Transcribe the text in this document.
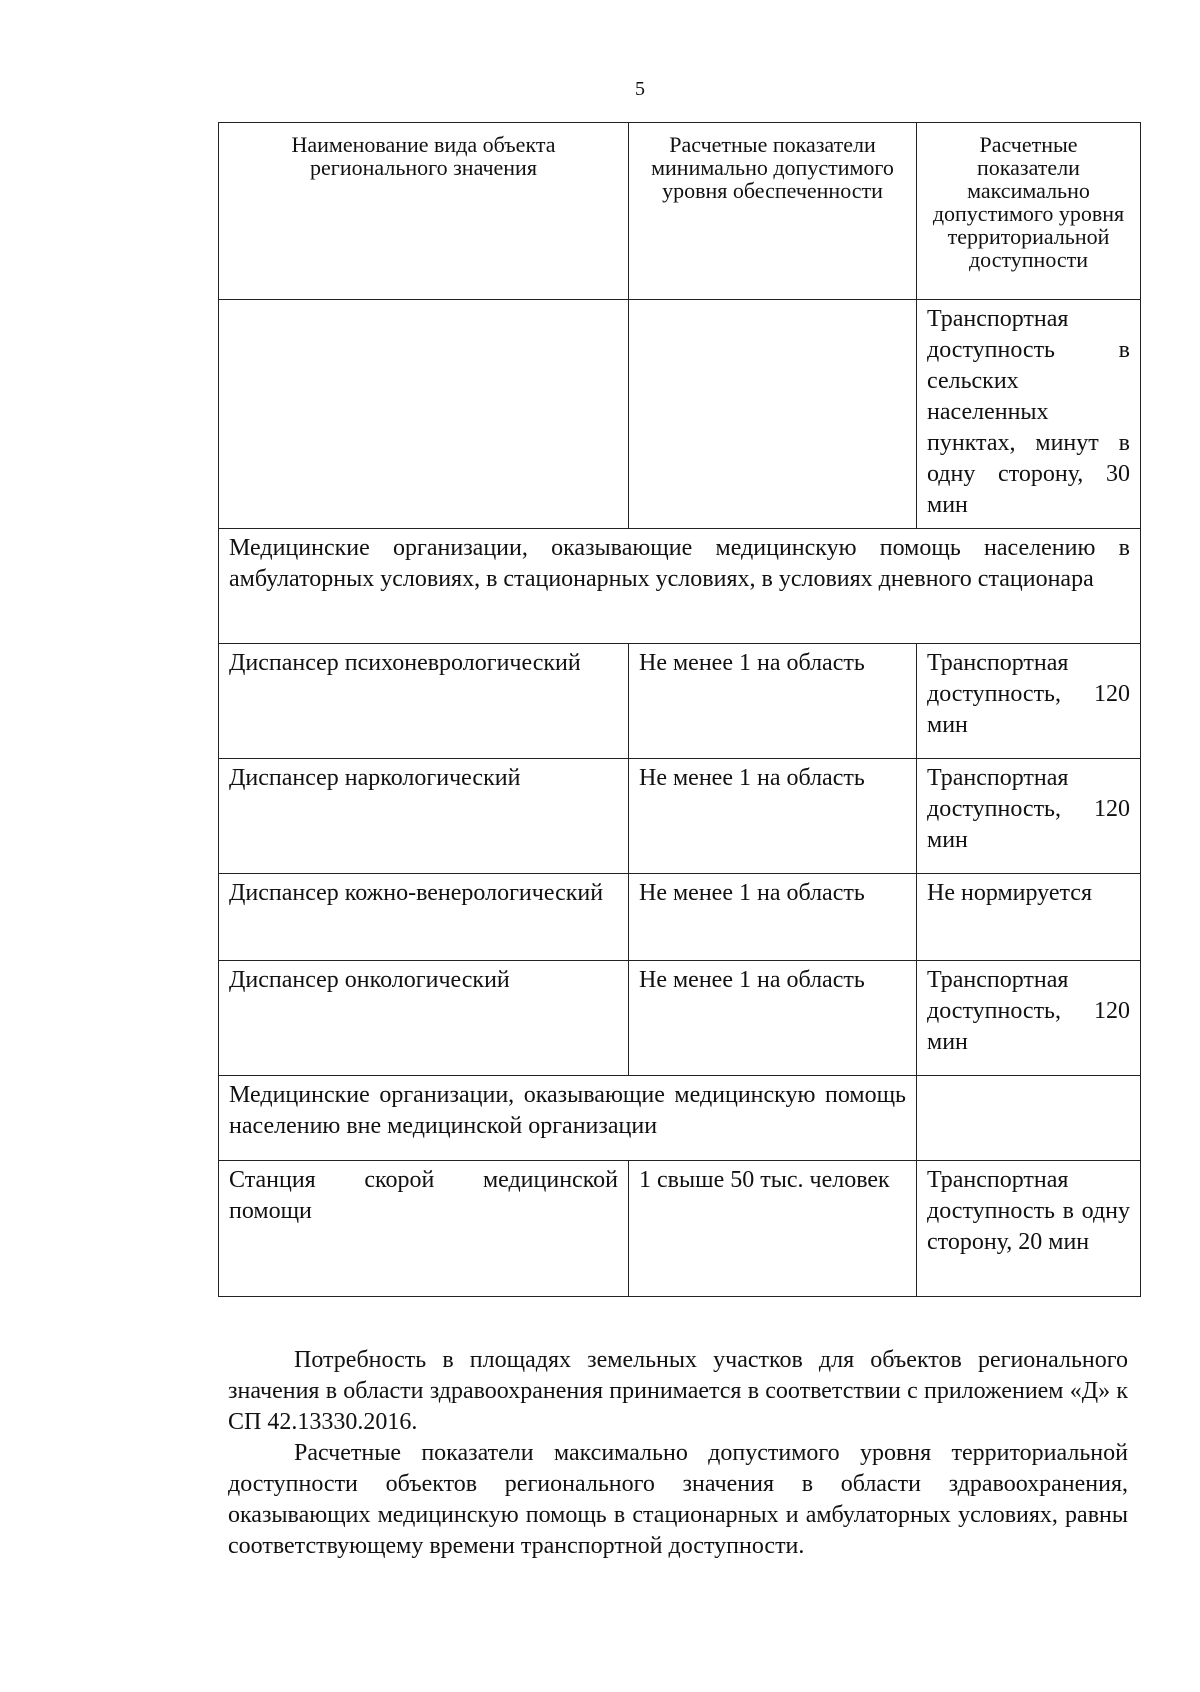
5
Наименование вида объекта регионального значения	Расчетные показатели минимально допустимого уровня обеспеченности	Расчетные показатели максимально допустимого уровня территориальной доступности
		Транспортная доступность в сельских населенных пунктах, минут в одну сторону, 30 мин
Медицинские организации, оказывающие медицинскую помощь населению в амбулаторных условиях, в стационарных условиях, в условиях дневного стационара		
Диспансер психоневрологический	Не менее 1 на область	Транспортная доступность, 120 мин
Диспансер наркологический	Не менее 1 на область	Транспортная доступность, 120 мин
Диспансер кожно-венерологический	Не менее 1 на область	Не нормируется
Диспансер онкологический	Не менее 1 на область	Транспортная доступность, 120 мин
Медицинские организации, оказывающие медицинскую помощь населению вне медицинской организации		
Станция скорой медицинской помощи	1 свыше 50 тыс. человек	Транспортная доступность в одну сторону, 20 мин

Потребность в площадях земельных участков для объектов регионального значения в области здравоохранения принимается в соответствии с приложением «Д» к СП 42.13330.2016.

Расчетные показатели максимально допустимого уровня территориальной доступности объектов регионального значения в области здравоохранения, оказывающих медицинскую помощь в стационарных и амбулаторных условиях, равны соответствующему времени транспортной доступности.
